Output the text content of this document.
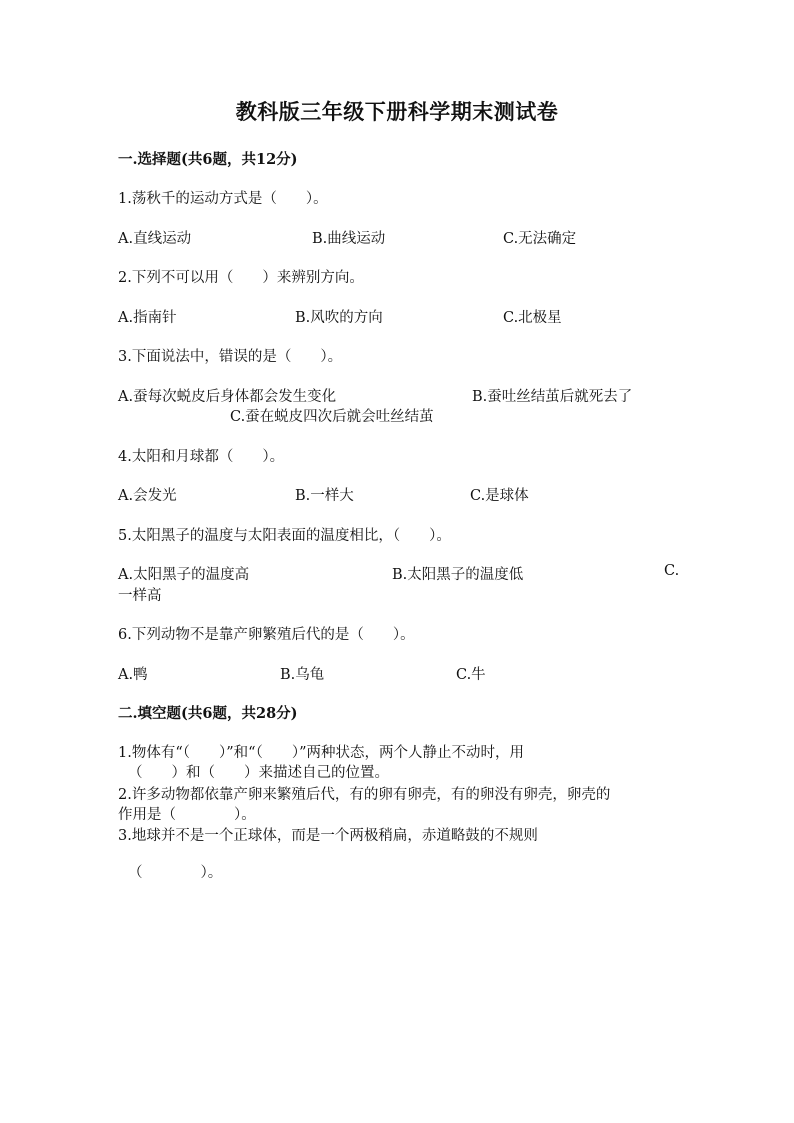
教科版三年级下册科学期末测试卷
一.选择题(共6题，共12分)
1.荡秋千的运动方式是（　　）。
A.直线运动	B.曲线运动	C.无法确定
2.下列不可以用（　　）来辨别方向。
A.指南针	B.风吹的方向	C.北极星
3.下面说法中，错误的是（　　）。
A.蚕每次蜕皮后身体都会发生变化	B.蚕吐丝结茧后就死去了
C.蚕在蜕皮四次后就会吐丝结茧
4.太阳和月球都（　　）。
A.会发光	B.一样大	C.是球体
5.太阳黑子的温度与太阳表面的温度相比，（　　）。
A.太阳黑子的温度高	B.太阳黑子的温度低	C.
一样高
6.下列动物不是靠产卵繁殖后代的是（　　）。
A.鸭	B.乌龟	C.牛
二.填空题(共6题，共28分)
1.物体有“（　　）”和“（　　）”两种状态，两个人静止不动时，用
（　　）和（　　）来描述自己的位置。
2.许多动物都依靠产卵来繁殖后代，有的卵有卵壳，有的卵没有卵壳，卵壳的
作用是（　　　　）。
3.地球并不是一个正球体，而是一个两极稍扁，赤道略鼓的不规则
（　　　　）。
